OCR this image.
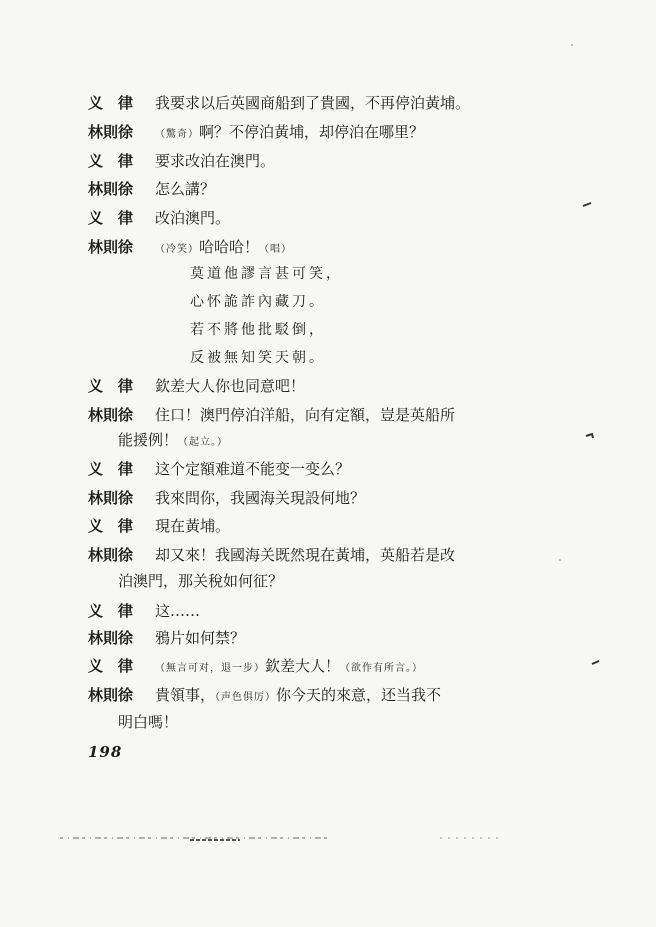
义　律	我要求以后英國商船到了貴國，不再停泊黃埔。
林則徐	（驚奇）啊？不停泊黃埔，却停泊在哪里？
义　律	要求改泊在澳門。
林則徐	怎么講？
义　律	改泊澳門。
林則徐	（冷笑）哈哈哈！（唱）
莫道他謬言甚可笑，
心怀詭詐內藏刀。
若不將他批駁倒，
反被無知笑天朝。
义　律	欽差大人你也同意吧！
林則徐	住口！澳門停泊洋船，向有定額，豈是英船所
能援例！（起立。）
义　律	这个定額难道不能变一变么？
林則徐	我來問你，我國海关現設何地？
义　律	現在黃埔。
林則徐	却又來！我國海关既然現在黃埔，英船若是改
泊澳門，那关稅如何征？
义　律	这……
林則徐	鴉片如何禁？
义　律	（無言可对，退一步）欽差大人！（欲作有所言。）
林則徐	貴領事，（声色俱厉）你今天的來意，还当我不
明白嗎！
198
